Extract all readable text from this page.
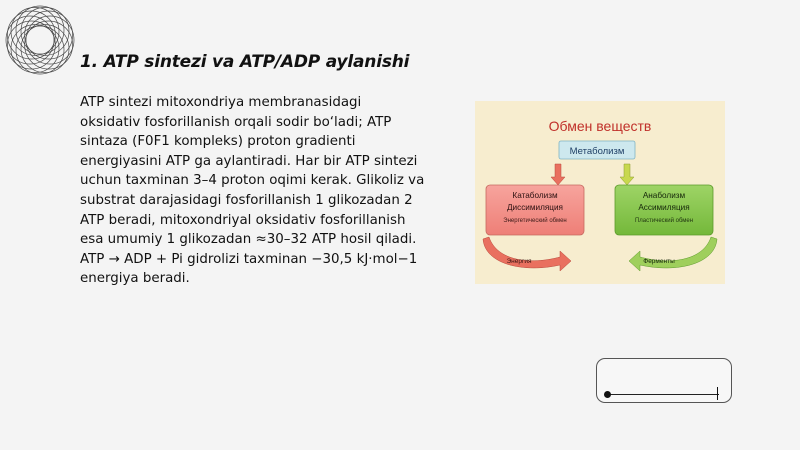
1. ATP sintezi va ATP/ADP aylanishi

ATP sintezi mitoxondriya membranasidagi oksidativ fosforillanish orqali sodir bo‘ladi; ATP sintaza (F0F1 kompleks) proton gradienti energiyasini ATP ga aylantiradi. Har bir ATP sintezi uchun taxminan 3–4 proton oqimi kerak. Glikoliz va substrat darajasidagi fosforillanish 1 glikozadan 2 ATP beradi, mitoxondriyal oksidativ fosforillanish esa umumiy 1 glikozadan ≈30–32 ATP hosil qiladi. ATP → ADP + Pi gidrolizi taxminan −30,5 kJ·mol−1 energiya beradi.

Обмен веществ
Метаболизм
Катаболизм
Диссимиляция
Энергетический обмен
Анаболизм
Ассимиляция
Пластический обмен
Энергия	Ферменты
